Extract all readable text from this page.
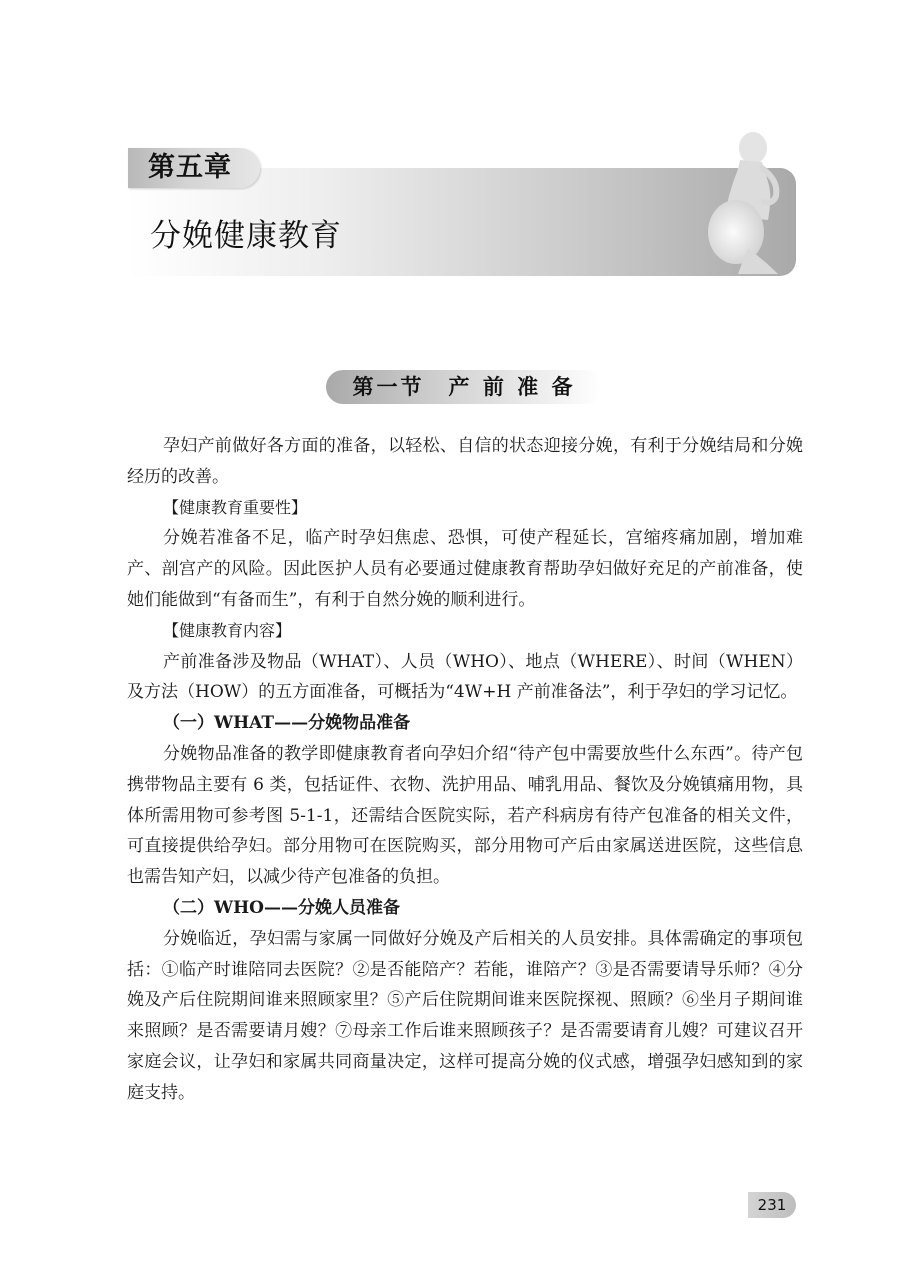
第五章
分娩健康教育
第一节　产 前 准 备

孕妇产前做好各方面的准备，以轻松、自信的状态迎接分娩，有利于分娩结局和分娩经历的改善。

【健康教育重要性】

分娩若准备不足，临产时孕妇焦虑、恐惧，可使产程延长，宫缩疼痛加剧，增加难产、剖宫产的风险。因此医护人员有必要通过健康教育帮助孕妇做好充足的产前准备，使她们能做到“有备而生”，有利于自然分娩的顺利进行。

【健康教育内容】

产前准备涉及物品（WHAT）、人员（WHO）、地点（WHERE）、时间（WHEN）及方法（HOW）的五方面准备，可概括为“4W+H 产前准备法”，利于孕妇的学习记忆。

（一）WHAT——分娩物品准备

分娩物品准备的教学即健康教育者向孕妇介绍“待产包中需要放些什么东西”。待产包携带物品主要有 6 类，包括证件、衣物、洗护用品、哺乳用品、餐饮及分娩镇痛用物，具体所需用物可参考图 5-1-1，还需结合医院实际，若产科病房有待产包准备的相关文件，可直接提供给孕妇。部分用物可在医院购买，部分用物可产后由家属送进医院，这些信息也需告知产妇，以减少待产包准备的负担。

（二）WHO——分娩人员准备

分娩临近，孕妇需与家属一同做好分娩及产后相关的人员安排。具体需确定的事项包括：①临产时谁陪同去医院？②是否能陪产？若能，谁陪产？③是否需要请导乐师？④分娩及产后住院期间谁来照顾家里？⑤产后住院期间谁来医院探视、照顾？⑥坐月子期间谁来照顾？是否需要请月嫂？⑦母亲工作后谁来照顾孩子？是否需要请育儿嫂？可建议召开家庭会议，让孕妇和家属共同商量决定，这样可提高分娩的仪式感，增强孕妇感知到的家庭支持。

231
